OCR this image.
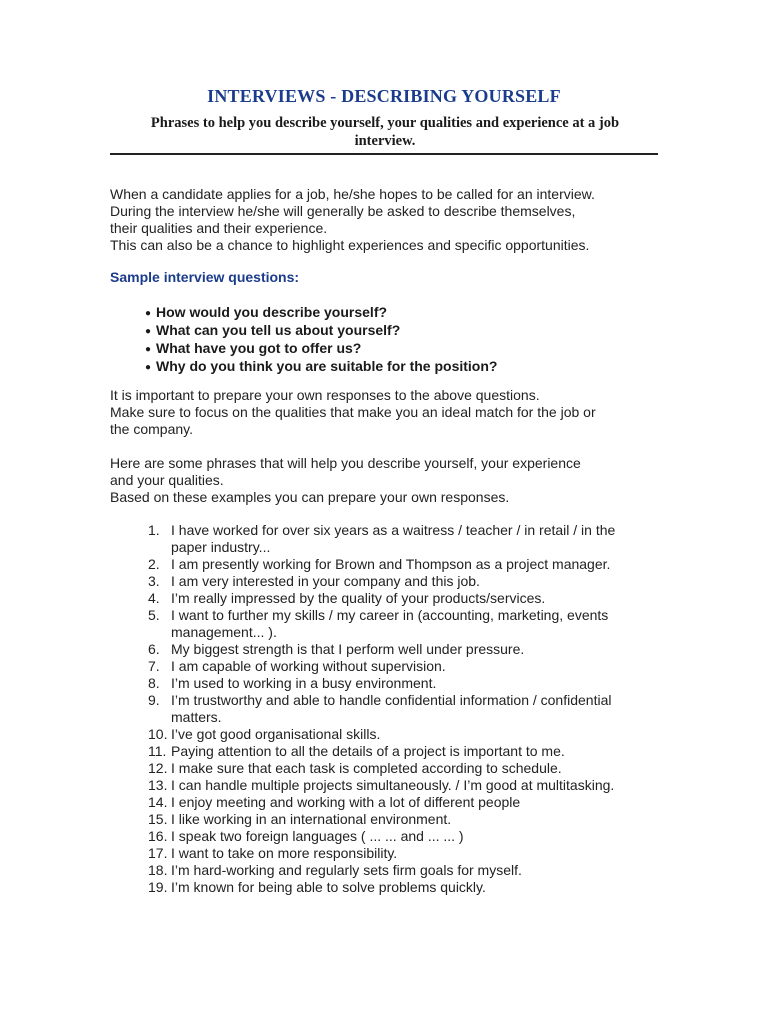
INTERVIEWS - DESCRIBING YOURSELF
Phrases to help you describe yourself, your qualities and experience at a job interview.
When a candidate applies for a job, he/she hopes to be called for an interview.
During the interview he/she will generally be asked to describe themselves,
their qualities and their experience.
This can also be a chance to highlight experiences and specific opportunities.
Sample interview questions:
● How would you describe yourself?
● What can you tell us about yourself?
● What have you got to offer us?
● Why do you think you are suitable for the position?
It is important to prepare your own responses to the above questions.
Make sure to focus on the qualities that make you an ideal match for the job or
the company.
Here are some phrases that will help you describe yourself, your experience
and your qualities.
Based on these examples you can prepare your own responses.
1. I have worked for over six years as a waitress / teacher / in retail / in the paper industry...
2. I am presently working for Brown and Thompson as a project manager.
3. I am very interested in your company and this job.
4. I’m really impressed by the quality of your products/services.
5. I want to further my skills / my career in (accounting, marketing, events management... ).
6. My biggest strength is that I perform well under pressure.
7. I am capable of working without supervision.
8. I’m used to working in a busy environment.
9. I’m trustworthy and able to handle confidential information / confidential matters.
10. I’ve got good organisational skills.
11. Paying attention to all the details of a project is important to me.
12. I make sure that each task is completed according to schedule.
13. I can handle multiple projects simultaneously. / I’m good at multitasking.
14. I enjoy meeting and working with a lot of different people
15. I like working in an international environment.
16. I speak two foreign languages ( ... ... and ... ... )
17. I want to take on more responsibility.
18. I’m hard-working and regularly sets firm goals for myself.
19. I’m known for being able to solve problems quickly.
